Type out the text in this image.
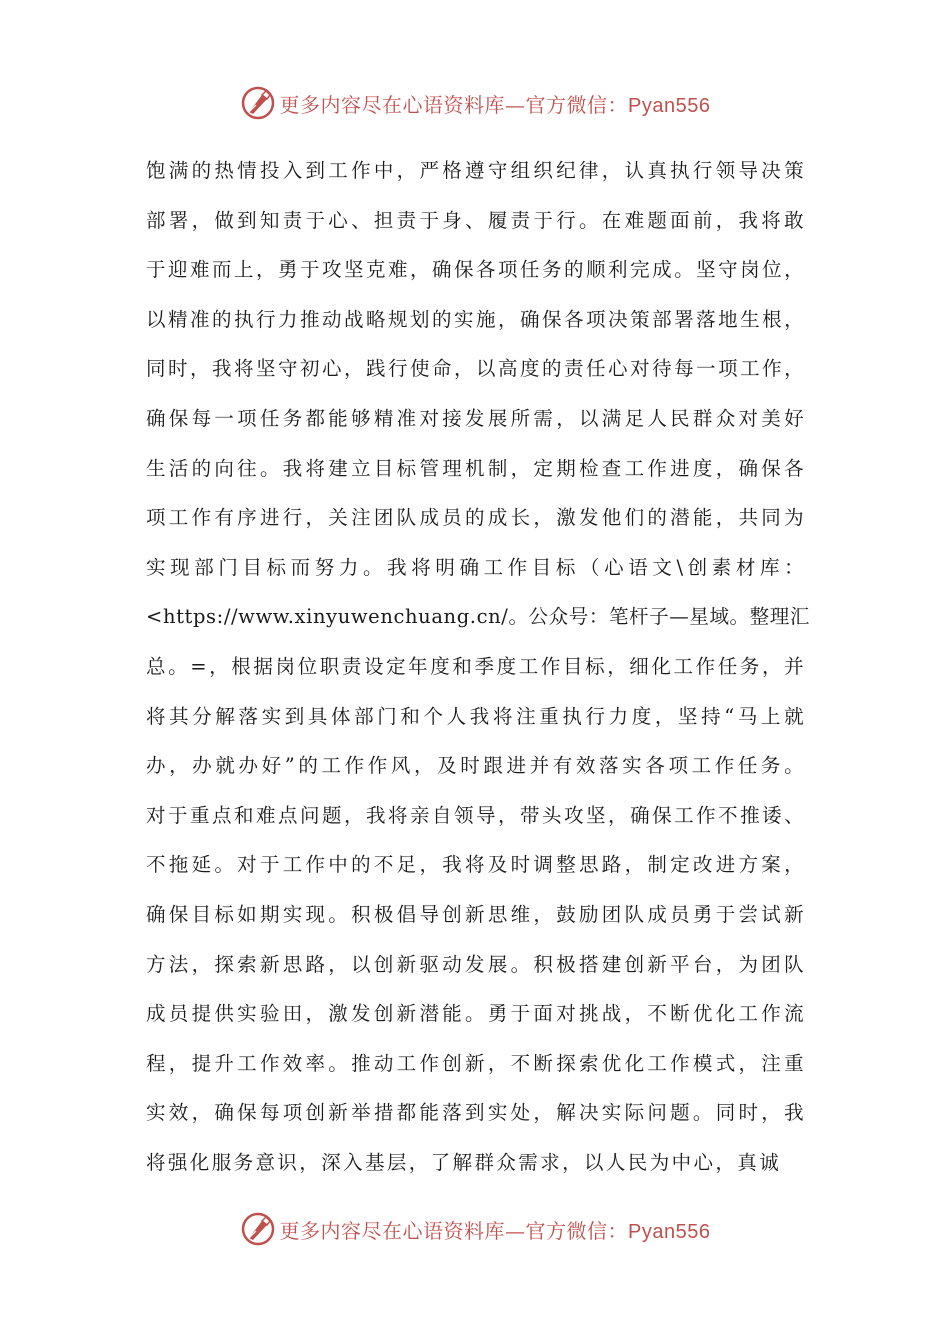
更多内容尽在心语资料库—官方微信：Pyan556
饱满的热情投入到工作中，严格遵守组织纪律，认真执行领导决策
部署，做到知责于心、担责于身、履责于行。在难题面前，我将敢
于迎难而上，勇于攻坚克难，确保各项任务的顺利完成。坚守岗位，
以精准的执行力推动战略规划的实施，确保各项决策部署落地生根，
同时，我将坚守初心，践行使命，以高度的责任心对待每一项工作，
确保每一项任务都能够精准对接发展所需，以满足人民群众对美好
生活的向往。我将建立目标管理机制，定期检查工作进度，确保各
项工作有序进行，关注团队成员的成长，激发他们的潜能，共同为
实现部门目标而努力。我将明确工作目标（心语文\创素材库：
<https://www.xinyuwenchuang.cn/。公众号：笔杆子—星域。整理汇
总。=，根据岗位职责设定年度和季度工作目标，细化工作任务，并
将其分解落实到具体部门和个人我将注重执行力度，坚持“马上就
办，办就办好”的工作作风，及时跟进并有效落实各项工作任务。
对于重点和难点问题，我将亲自领导，带头攻坚，确保工作不推诿、
不拖延。对于工作中的不足，我将及时调整思路，制定改进方案，
确保目标如期实现。积极倡导创新思维，鼓励团队成员勇于尝试新
方法，探索新思路，以创新驱动发展。积极搭建创新平台，为团队
成员提供实验田，激发创新潜能。勇于面对挑战，不断优化工作流
程，提升工作效率。推动工作创新，不断探索优化工作模式，注重
实效，确保每项创新举措都能落到实处，解决实际问题。同时，我
将强化服务意识，深入基层，了解群众需求，以人民为中心，真诚
更多内容尽在心语资料库—官方微信：Pyan556
